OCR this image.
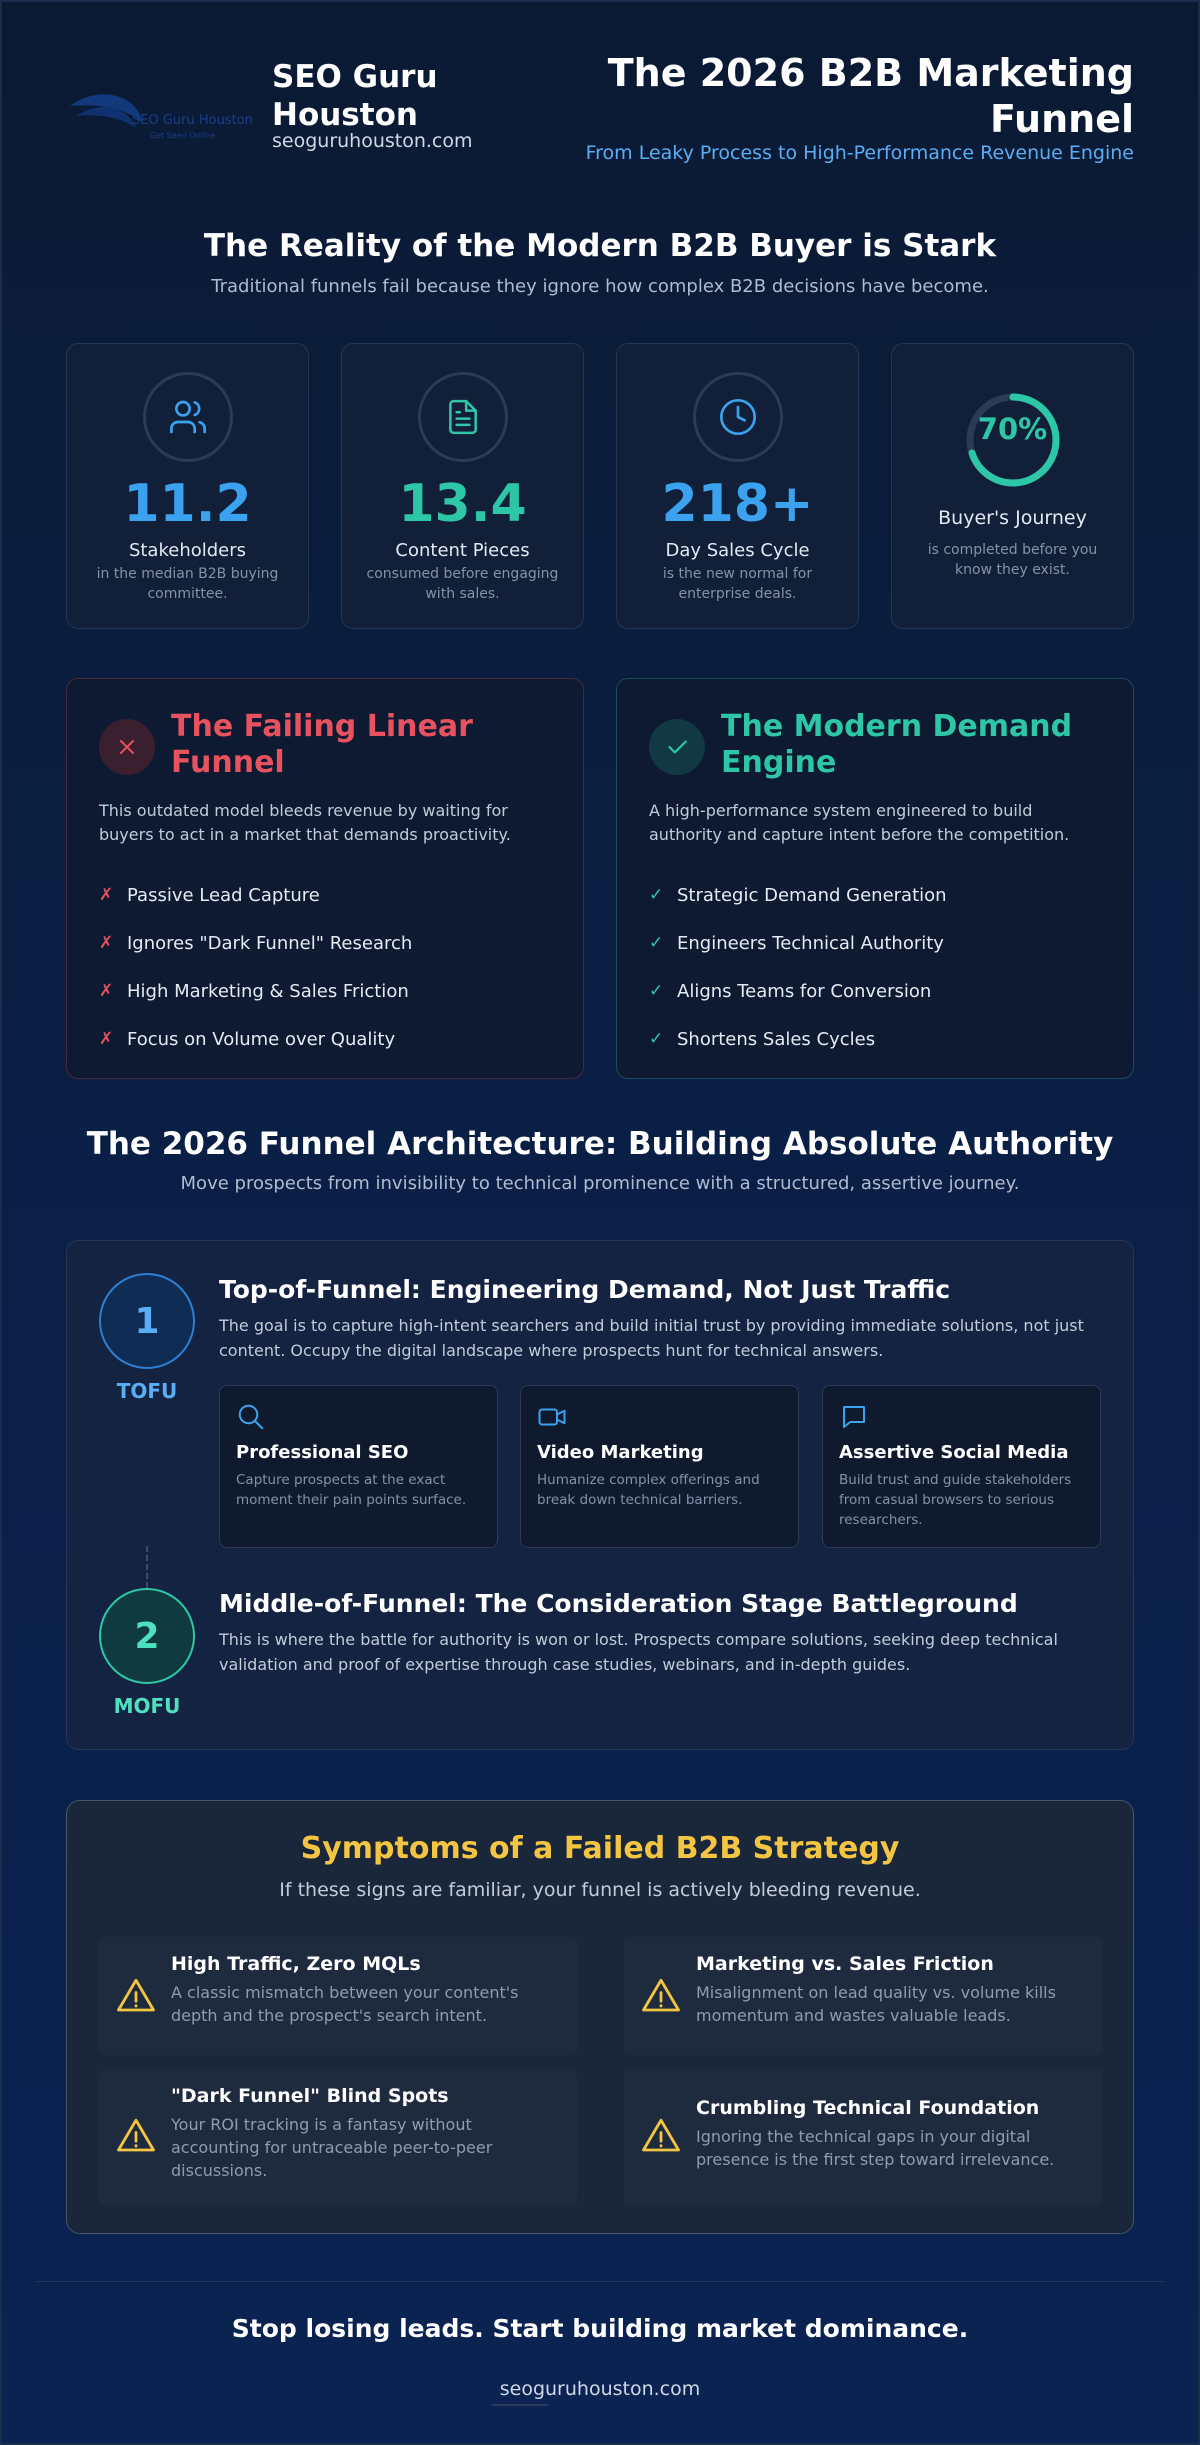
SEO Guru Houston
Get Seen Online
SEO Guru Houston
seoguruhouston.com
The 2026 B2B Marketing Funnel
From Leaky Process to High-Performance Revenue Engine
The Reality of the Modern B2B Buyer is Stark
Traditional funnels fail because they ignore how complex B2B decisions have become.
11.2
Stakeholders
in the median B2B buying committee.
13.4
Content Pieces
consumed before engaging with sales.
218+
Day Sales Cycle
is the new normal for enterprise deals.
70%
Buyer's Journey
is completed before you know they exist.
The Failing Linear Funnel
This outdated model bleeds revenue by waiting for buyers to act in a market that demands proactivity.
✗ Passive Lead Capture
✗ Ignores "Dark Funnel" Research
✗ High Marketing & Sales Friction
✗ Focus on Volume over Quality
The Modern Demand Engine
A high-performance system engineered to build authority and capture intent before the competition.
✓ Strategic Demand Generation
✓ Engineers Technical Authority
✓ Aligns Teams for Conversion
✓ Shortens Sales Cycles
The 2026 Funnel Architecture: Building Absolute Authority
Move prospects from invisibility to technical prominence with a structured, assertive journey.
1
TOFU
Top-of-Funnel: Engineering Demand, Not Just Traffic
The goal is to capture high-intent searchers and build initial trust by providing immediate solutions, not just content. Occupy the digital landscape where prospects hunt for technical answers.
Professional SEO
Capture prospects at the exact moment their pain points surface.
Video Marketing
Humanize complex offerings and break down technical barriers.
Assertive Social Media
Build trust and guide stakeholders from casual browsers to serious researchers.
2
MOFU
Middle-of-Funnel: The Consideration Stage Battleground
This is where the battle for authority is won or lost. Prospects compare solutions, seeking deep technical validation and proof of expertise through case studies, webinars, and in-depth guides.
Symptoms of a Failed B2B Strategy
If these signs are familiar, your funnel is actively bleeding revenue.
High Traffic, Zero MQLs
A classic mismatch between your content's depth and the prospect's search intent.
Marketing vs. Sales Friction
Misalignment on lead quality vs. volume kills momentum and wastes valuable leads.
"Dark Funnel" Blind Spots
Your ROI tracking is a fantasy without accounting for untraceable peer-to-peer discussions.
Crumbling Technical Foundation
Ignoring the technical gaps in your digital presence is the first step toward irrelevance.
Stop losing leads. Start building market dominance.
seoguruhouston.com
